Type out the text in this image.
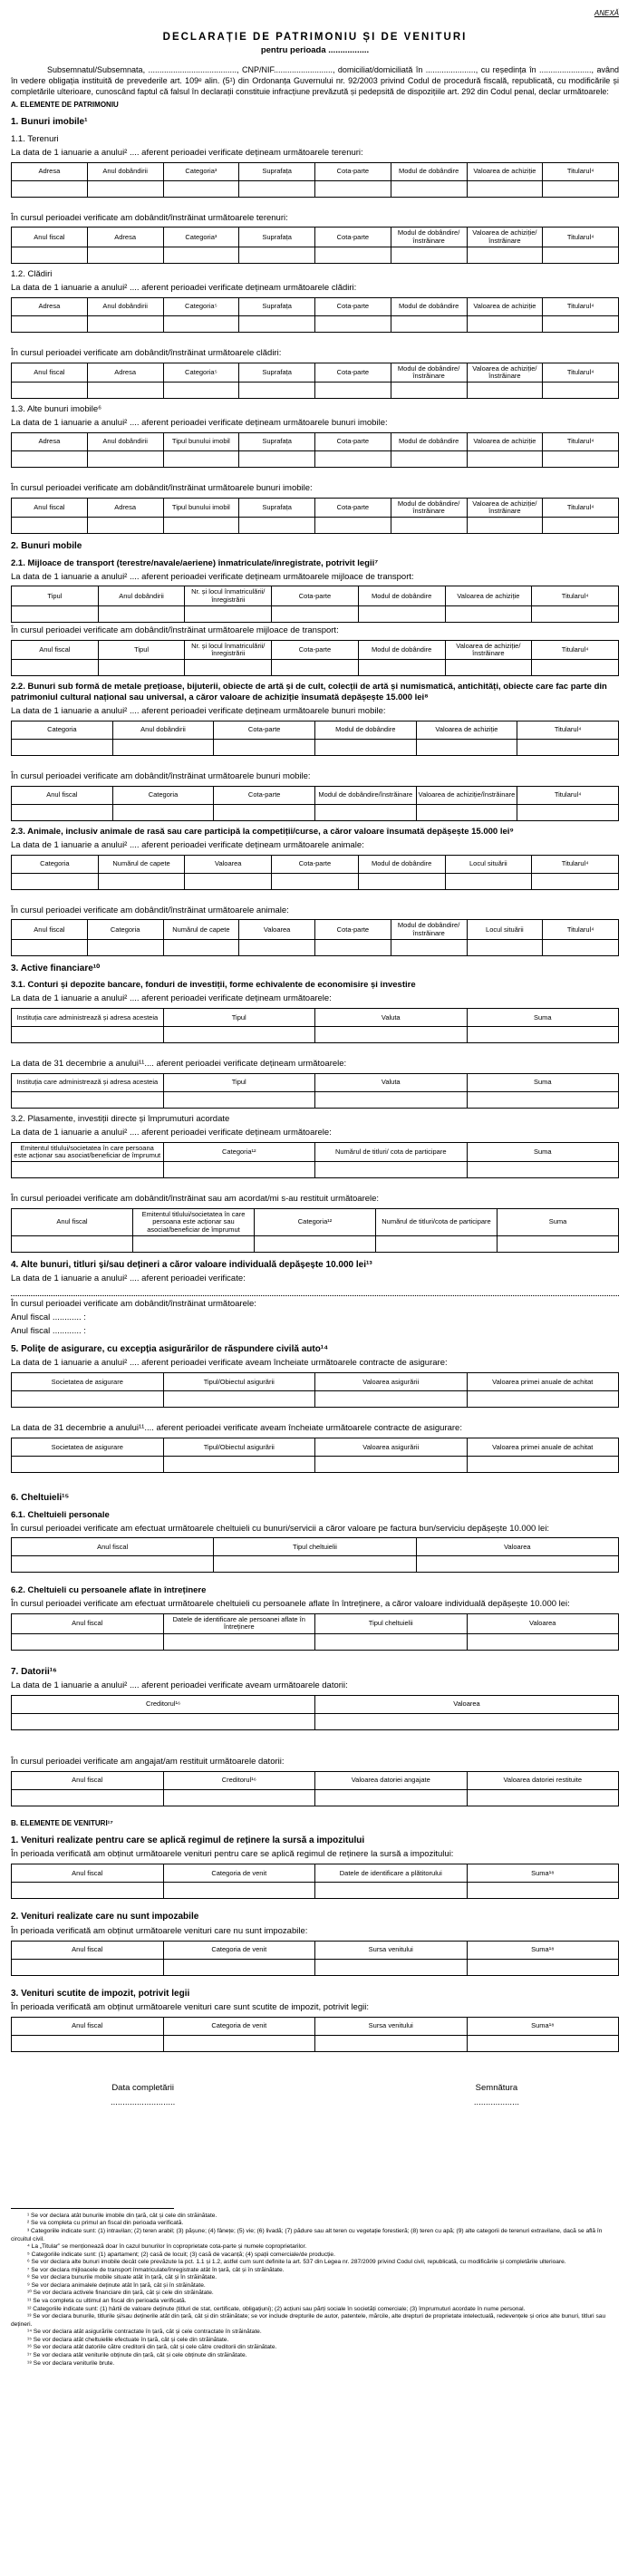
ANEXĂ
DECLARAȚIE DE PATRIMONIU ȘI DE VENITURI
pentru perioada .................

Subsemnatul/Subsemnata, ......................................., CNP/NIF.........................., domiciliat/domiciliată în ......................, cu reședința în ......................., având în vedere obligația instituită de prevederile art. 109ᵉ alin. (5¹) din Ordonanța Guvernului nr. 92/2003 privind Codul de procedură fiscală, republicată, cu modificările și completările ulterioare, cunoscând faptul că falsul în declarații constituie infracțiune prevăzută și pedepsită de dispozițiile art. 292 din Codul penal, declar următoarele:

A. ELEMENTE DE PATRIMONIU
1. Bunuri imobile¹
1.1. Terenuri
La data de 1 ianuarie a anului² .... aferent perioadei verificate dețineam următoarele terenuri:
Adresa	Anul dobândirii	Categoria³	Suprafața	Cota-parte	Modul de dobândire	Valoarea de achiziție	Titularul⁴

În cursul perioadei verificate am dobândit/înstrăinat următoarele terenuri:
Anul fiscal	Adresa	Categoria³	Suprafața	Cota-parte	Modul de dobândire/înstrăinare	Valoarea de achiziție/înstrăinare	Titularul⁴

1.2. Clădiri
La data de 1 ianuarie a anului² .... aferent perioadei verificate dețineam următoarele clădiri:
Adresa	Anul dobândirii	Categoria⁵	Suprafața	Cota-parte	Modul de dobândire	Valoarea de achiziție	Titularul⁴

În cursul perioadei verificate am dobândit/înstrăinat următoarele clădiri:
Anul fiscal	Adresa	Categoria⁵	Suprafața	Cota-parte	Modul de dobândire/înstrăinare	Valoarea de achiziție/înstrăinare	Titularul⁴

1.3. Alte bunuri imobile⁶
La data de 1 ianuarie a anului² .... aferent perioadei verificate dețineam următoarele bunuri imobile:
Adresa	Anul dobândirii	Tipul bunului imobil	Suprafața	Cota-parte	Modul de dobândire	Valoarea de achiziție	Titularul⁴

În cursul perioadei verificate am dobândit/înstrăinat următoarele bunuri imobile:
Anul fiscal	Adresa	Tipul bunului imobil	Suprafața	Cota-parte	Modul de dobândire/înstrăinare	Valoarea de achiziție/înstrăinare	Titularul⁴

2. Bunuri mobile
2.1. Mijloace de transport (terestre/navale/aeriene) înmatriculate/înregistrate, potrivit legii⁷
La data de 1 ianuarie a anului² .... aferent perioadei verificate dețineam următoarele mijloace de transport:
Tipul	Anul dobândirii	Nr. și locul înmatriculării/înregistrării	Cota-parte	Modul de dobândire	Valoarea de achiziție	Titularul⁴

În cursul perioadei verificate am dobândit/înstrăinat următoarele mijloace de transport:
Anul fiscal	Tipul	Nr. și locul înmatriculării/înregistrării	Cota-parte	Modul de dobândire	Valoarea de achiziție/înstrăinare	Titularul⁴

2.2. Bunuri sub formă de metale prețioase, bijuterii, obiecte de artă și de cult, colecții de artă și numismatică, antichități, obiecte care fac parte din patrimoniul cultural național sau universal, a căror valoare de achiziție însumată depășește 15.000 lei⁸
La data de 1 ianuarie a anului² .... aferent perioadei verificate dețineam următoarele bunuri mobile:
Categoria	Anul dobândirii	Cota-parte	Modul de dobândire	Valoarea de achiziție	Titularul⁴

În cursul perioadei verificate am dobândit/înstrăinat următoarele bunuri mobile:
Anul fiscal	Categoria	Cota-parte	Modul de dobândire/înstrăinare	Valoarea de achiziție/înstrăinare	Titularul⁴

2.3. Animale, inclusiv animale de rasă sau care participă la competiții/curse, a căror valoare însumată depășește 15.000 lei⁹
La data de 1 ianuarie a anului² .... aferent perioadei verificate dețineam următoarele animale:
Categoria	Numărul de capete	Valoarea	Cota-parte	Modul de dobândire	Locul situării	Titularul⁴

În cursul perioadei verificate am dobândit/înstrăinat următoarele animale:
Anul fiscal	Categoria	Numărul de capete	Valoarea	Cota-parte	Modul de dobândire/înstrăinare	Locul situării	Titularul⁴

3. Active financiare¹⁰
3.1. Conturi și depozite bancare, fonduri de investiții, forme echivalente de economisire și investire
La data de 1 ianuarie a anului² .... aferent perioadei verificate dețineam următoarele:
Instituția care administrează și adresa acesteia	Tipul	Valuta	Suma

La data de 31 decembrie a anului¹¹.... aferent perioadei verificate dețineam următoarele:
Instituția care administrează și adresa acesteia	Tipul	Valuta	Suma

3.2. Plasamente, investiții directe și împrumuturi acordate
La data de 1 ianuarie a anului² .... aferent perioadei verificate dețineam următoarele:
Emitentul titlului/societatea în care persoana este acționar sau asociat/beneficiar de împrumut	Categoria¹²	Numărul de titluri/ cota de participare	Suma

În cursul perioadei verificate am dobândit/înstrăinat sau am acordat/mi s-au restituit următoarele:
Anul fiscal	Emitentul titlului/societatea în care persoana este acționar sau asociat/beneficiar de împrumut	Categoria¹²	Numărul de titluri/cota de participare	Suma

4. Alte bunuri, titluri și/sau dețineri a căror valoare individuală depășește 10.000 lei¹³
La data de 1 ianuarie a anului² .... aferent perioadei verificate:
În cursul perioadei verificate am dobândit/înstrăinat următoarele:
Anul fiscal ............ :
Anul fiscal ............ :
5. Polițe de asigurare, cu excepția asigurărilor de răspundere civilă auto¹⁴
La data de 1 ianuarie a anului² .... aferent perioadei verificate aveam încheiate următoarele contracte de asigurare:
Societatea de asigurare	Tipul/Obiectul asigurării	Valoarea asigurării	Valoarea primei anuale de achitat

La data de 31 decembrie a anului¹¹.... aferent perioadei verificate aveam încheiate următoarele contracte de asigurare:
Societatea de asigurare	Tipul/Obiectul asigurării	Valoarea asigurării	Valoarea primei anuale de achitat

6. Cheltuieli¹⁵
6.1. Cheltuieli personale
În cursul perioadei verificate am efectuat următoarele cheltuieli cu bunuri/servicii a căror valoare pe factura bun/serviciu depășește 10.000 lei:
Anul fiscal	Tipul cheltuielii	Valoarea

6.2. Cheltuieli cu persoanele aflate în întreținere
În cursul perioadei verificate am efectuat următoarele cheltuieli cu persoanele aflate în întreținere, a căror valoare individuală depășește 10.000 lei:
Anul fiscal	Datele de identificare ale persoanei aflate în întreținere	Tipul cheltuielii	Valoarea

7. Datorii¹⁶
La data de 1 ianuarie a anului² .... aferent perioadei verificate aveam următoarele datorii:
Creditorul¹⁶	Valoarea

În cursul perioadei verificate am angajat/am restituit următoarele datorii:
Anul fiscal	Creditorul¹⁶	Valoarea datoriei angajate	Valoarea datoriei restituite

B. ELEMENTE DE VENITURI¹⁷
1. Venituri realizate pentru care se aplică regimul de reținere la sursă a impozitului
În perioada verificată am obținut următoarele venituri pentru care se aplică regimul de reținere la sursă a impozitului:
Anul fiscal	Categoria de venit	Datele de identificare a plătitorului	Suma¹⁸

2. Venituri realizate care nu sunt impozabile
În perioada verificată am obținut următoarele venituri care nu sunt impozabile:
Anul fiscal	Categoria de venit	Sursa venitului	Suma¹⁸

3. Venituri scutite de impozit, potrivit legii
În perioada verificată am obținut următoarele venituri care sunt scutite de impozit, potrivit legii:
Anul fiscal	Categoria de venit	Sursa venitului	Suma¹⁸

Data completării
...........................
Semnătura
...................

¹ Se vor declara atât bunurile imobile din țară, cât și cele din străinătate.

² Se va completa cu primul an fiscal din perioada verificată.

³ Categoriile indicate sunt: (1) intravilan; (2) teren arabil; (3) pășune; (4) fânețe; (5) vie; (6) livadă; (7) pădure sau alt teren cu vegetație forestieră; (8) teren cu apă; (9) alte categorii de terenuri extravilane, dacă se află în circuitul civil.

⁴ La „Titular” se menționează doar în cazul bunurilor în coproprietate cota-parte și numele coproprietarilor.

⁵ Categoriile indicate sunt: (1) apartament; (2) casă de locuit; (3) casă de vacanță; (4) spații comerciale/de producție.

⁶ Se vor declara alte bunuri imobile decât cele prevăzute la pct. 1.1 și 1.2, astfel cum sunt definite la art. 537 din Legea nr. 287/2009 privind Codul civil, republicată, cu modificările și completările ulterioare.

⁷ Se vor declara mijloacele de transport înmatriculate/înregistrate atât în țară, cât și în străinătate.

⁸ Se vor declara bunurile mobile situate atât în țară, cât și în străinătate.

⁹ Se vor declara animalele deținute atât în țară, cât și în străinătate.

¹⁰ Se vor declara activele financiare din țară, cât și cele din străinătate.

¹¹ Se va completa cu ultimul an fiscal din perioada verificată.

¹² Categoriile indicate sunt: (1) hârtii de valoare deținute (titluri de stat, certificate, obligațiuni); (2) acțiuni sau părți sociale în societăți comerciale; (3) împrumuturi acordate în nume personal.

¹³ Se vor declara bunurile, titlurile și/sau deținerile atât din țară, cât și din străinătate; se vor include drepturile de autor, patentele, mărcile, alte drepturi de proprietate intelectuală, redevențele și orice alte bunuri, titluri sau dețineri.

¹⁴ Se vor declara atât asigurările contractate în țară, cât și cele contractate în străinătate.

¹⁵ Se vor declara atât cheltuielile efectuate în țară, cât și cele din străinătate.

¹⁶ Se vor declara atât datoriile către creditorii din țară, cât și cele către creditorii din străinătate.

¹⁷ Se vor declara atât veniturile obținute din țară, cât și cele obținute din străinătate.

¹⁸ Se vor declara veniturile brute.
